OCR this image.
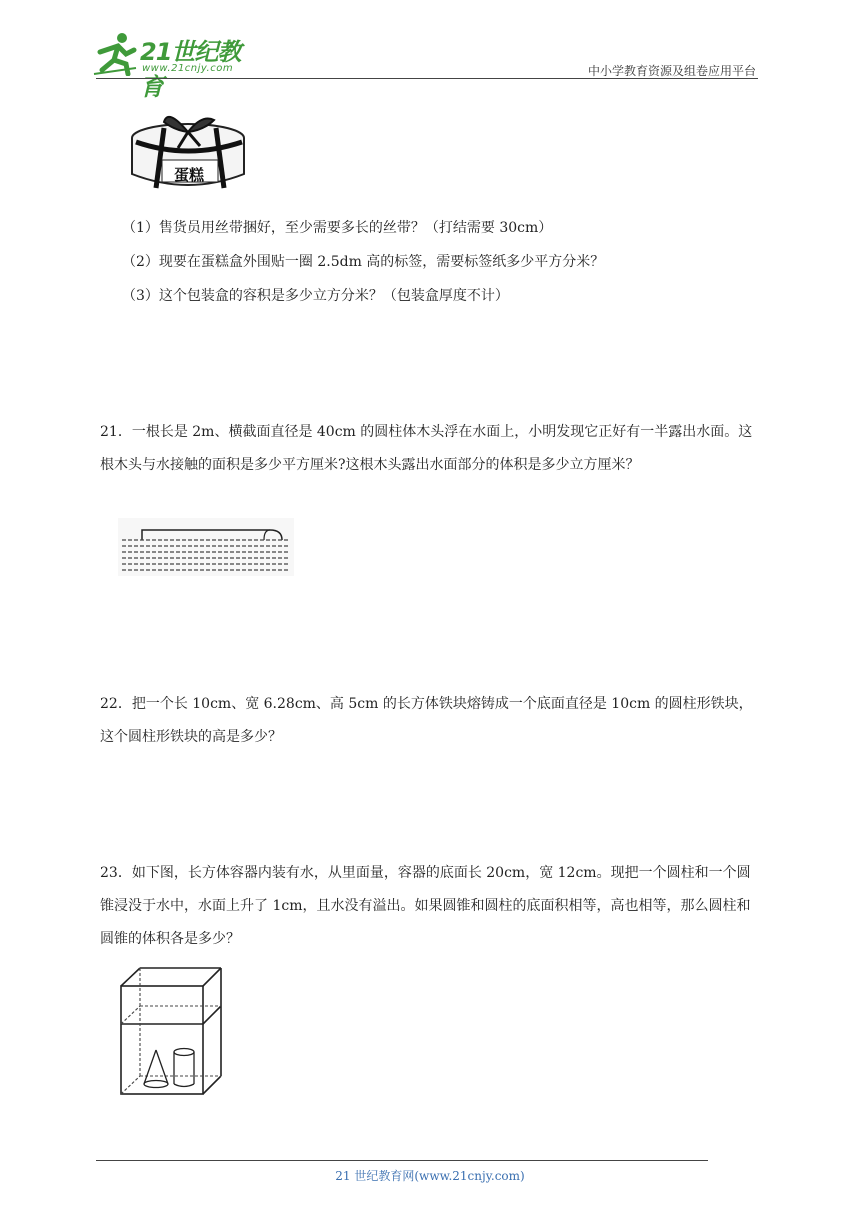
21世纪教育
www.21cnjy.com	中小学教育资源及组卷应用平台
蛋糕
（1）售货员用丝带捆好，至少需要多长的丝带？（打结需要 30cm）
（2）现要在蛋糕盒外围贴一圈 2.5dm 高的标签，需要标签纸多少平方分米？
（3）这个包装盒的容积是多少立方分米？（包装盒厚度不计）
21．一根长是 2m、横截面直径是 40cm 的圆柱体木头浮在水面上，小明发现它正好有一半露出水面。这根木头与水接触的面积是多少平方厘米?这根木头露出水面部分的体积是多少立方厘米？
22．把一个长 10cm、宽 6.28cm、高 5cm 的长方体铁块熔铸成一个底面直径是 10cm 的圆柱形铁块，这个圆柱形铁块的高是多少？
23．如下图，长方体容器内装有水，从里面量，容器的底面长 20cm，宽 12cm。现把一个圆柱和一个圆锥浸没于水中，水面上升了 1cm，且水没有溢出。如果圆锥和圆柱的底面积相等，高也相等，那么圆柱和圆锥的体积各是多少？
21 世纪教育网(www.21cnjy.com)
